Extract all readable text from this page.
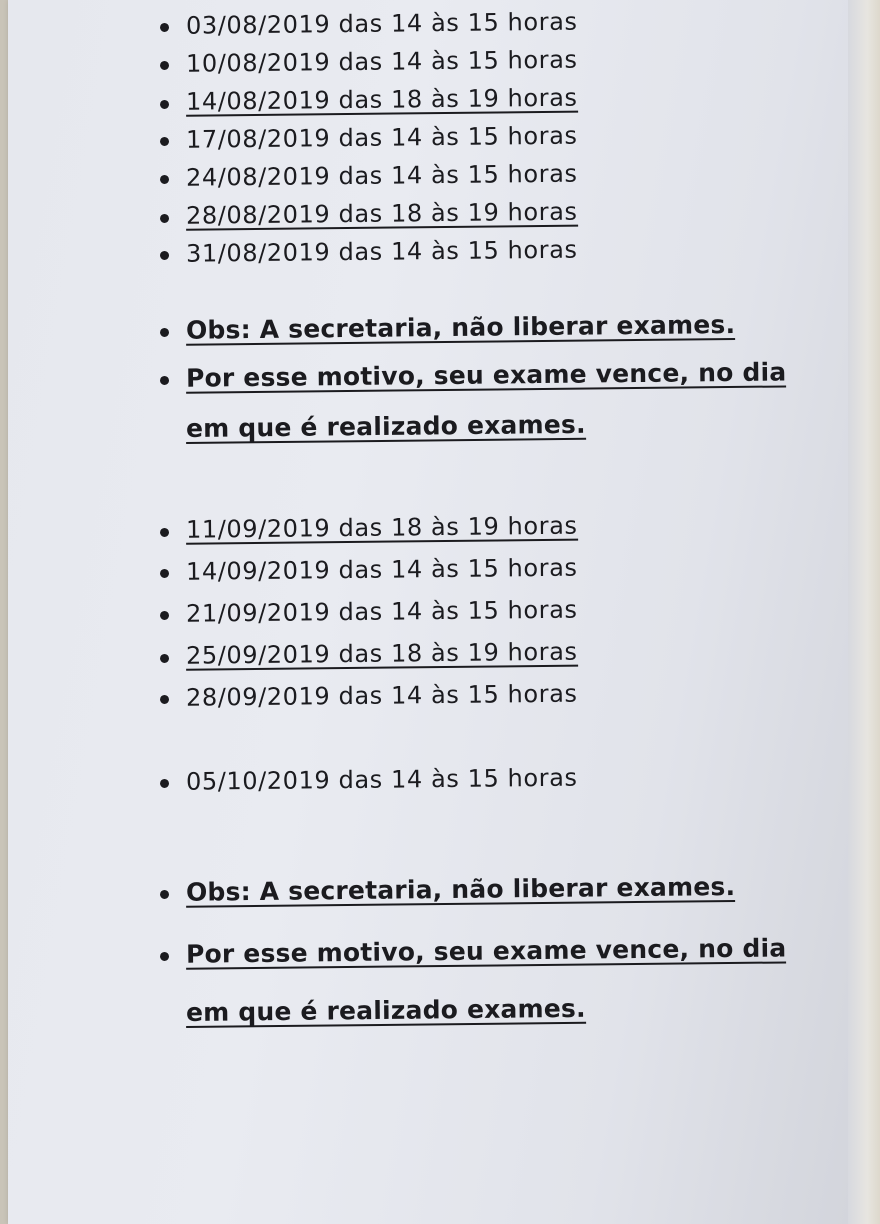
03/08/2019 das 14 às 15 horas
10/08/2019 das 14 às 15 horas
14/08/2019 das 18 às 19 horas
17/08/2019 das 14 às 15 horas
24/08/2019 das 14 às 15 horas
28/08/2019 das 18 às 19 horas
31/08/2019 das 14 às 15 horas
Obs: A secretaria, não liberar exames.
Por esse motivo, seu exame vence, no dia
em que é realizado exames.
11/09/2019 das 18 às 19 horas
14/09/2019 das 14 às 15 horas
21/09/2019 das 14 às 15 horas
25/09/2019 das 18 às 19 horas
28/09/2019 das 14 às 15 horas
05/10/2019 das 14 às 15 horas
Obs: A secretaria, não liberar exames.
Por esse motivo, seu exame vence, no dia
em que é realizado exames.
